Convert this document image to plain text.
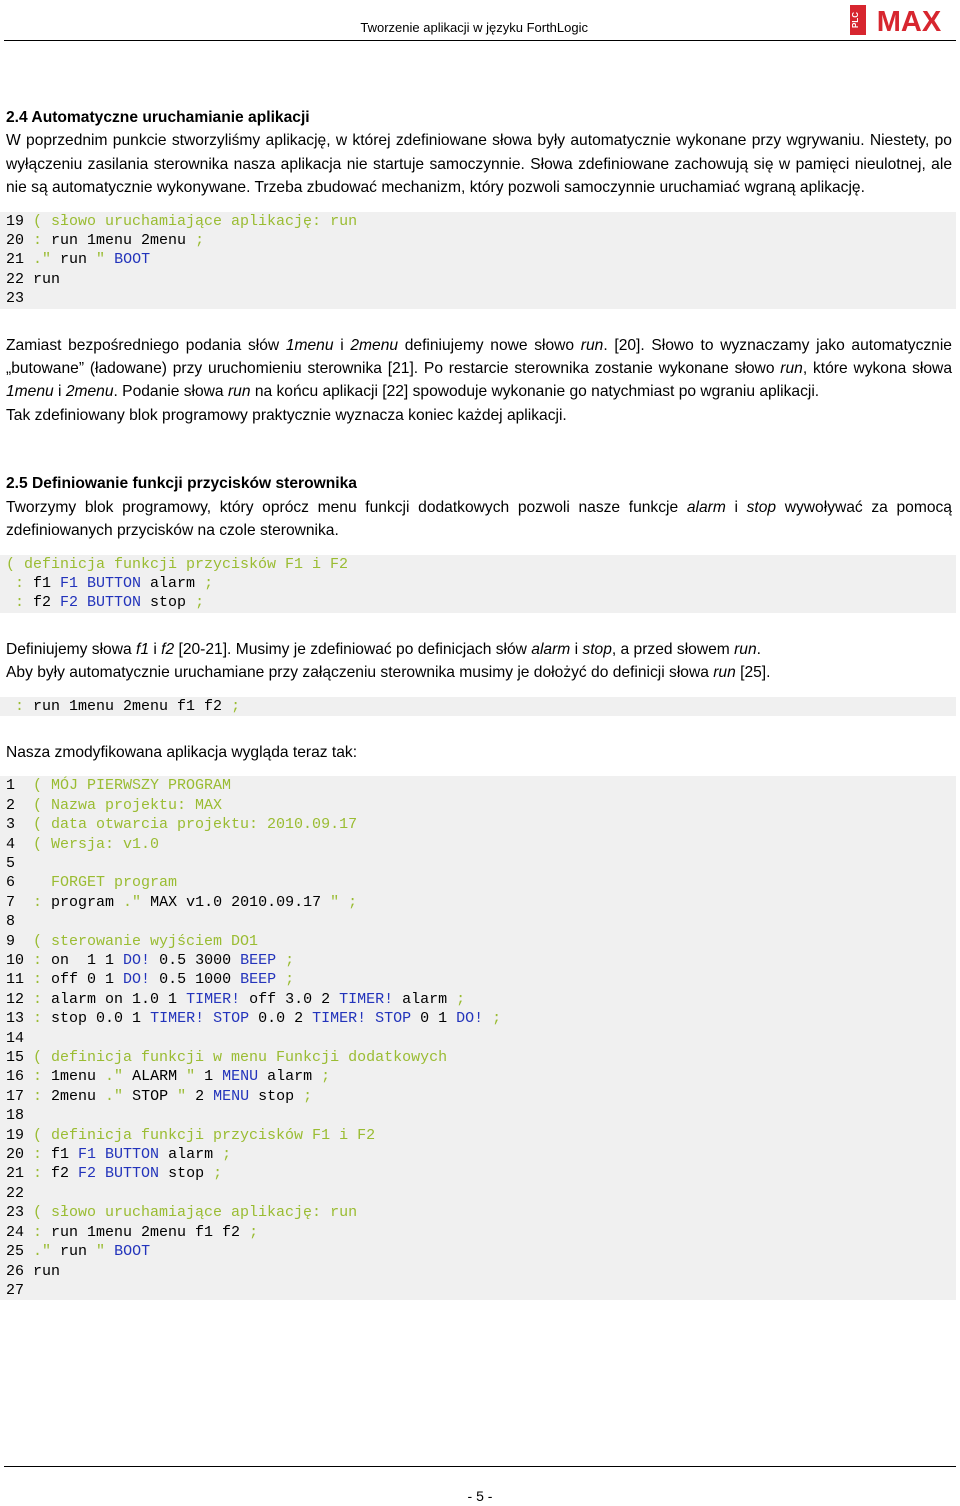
Tworzenie aplikacji w języku ForthLogic	PLC MAX

2.4 Automatyczne uruchamianie aplikacji

W poprzednim punkcie stworzyliśmy aplikację, w której zdefiniowane słowa były automatycznie wykonane przy wgrywaniu. Niestety, po wyłączeniu zasilania sterownika nasza aplikacja nie startuje samoczynnie. Słowa zdefiniowane zachowują się w pamięci nieulotnej, ale nie są automatycznie wykonywane. Trzeba zbudować mechanizm, który pozwoli samoczynnie uruchamiać wgraną aplikację.

19 ( słowo uruchamiające aplikację: run
20 : run 1menu 2menu ;
21 ." run " BOOT
22 run
23

Zamiast bezpośredniego podania słów 1menu i 2menu definiujemy nowe słowo run. [20]. Słowo to wyznaczamy jako automatycznie „butowane” (ładowane) przy uruchomieniu sterownika [21]. Po restarcie sterownika zostanie wykonane słowo run, które wykona słowa 1menu i 2menu. Podanie słowa run na końcu aplikacji [22] spowoduje wykonanie go natychmiast po wgraniu aplikacji.

Tak zdefiniowany blok programowy praktycznie wyznacza koniec każdej aplikacji.

2.5 Definiowanie funkcji przycisków sterownika

Tworzymy blok programowy, który oprócz menu funkcji dodatkowych pozwoli nasze funkcje alarm i stop wywoływać za pomocą zdefiniowanych przycisków na czole sterownika.

( definicja funkcji przycisków F1 i F2
: f1 F1 BUTTON alarm ;
: f2 F2 BUTTON stop ;

Definiujemy słowa f1 i f2 [20-21]. Musimy je zdefiniować po definicjach słów alarm i stop, a przed słowem run.

Aby były automatycznie uruchamiane przy załączeniu sterownika musimy je dołożyć do definicji słowa run [25].

: run 1menu 2menu f1 f2 ;

Nasza zmodyfikowana aplikacja wygląda teraz tak:

1  ( MÓJ PIERWSZY PROGRAM
2  ( Nazwa projektu: MAX
3  ( data otwarcia projektu: 2010.09.17
4  ( Wersja: v1.0
5
6    FORGET program
7  : program ." MAX v1.0 2010.09.17 " ;
8
9  ( sterowanie wyjściem DO1
10 : on  1 1 DO! 0.5 3000 BEEP ;
11 : off 0 1 DO! 0.5 1000 BEEP ;
12 : alarm on 1.0 1 TIMER! off 3.0 2 TIMER! alarm ;
13 : stop 0.0 1 TIMER! STOP 0.0 2 TIMER! STOP 0 1 DO! ;
14
15 ( definicja funkcji w menu Funkcji dodatkowych
16 : 1menu ." ALARM " 1 MENU alarm ;
17 : 2menu ." STOP " 2 MENU stop ;
18
19 ( definicja funkcji przycisków F1 i F2
20 : f1 F1 BUTTON alarm ;
21 : f2 F2 BUTTON stop ;
22
23 ( słowo uruchamiające aplikację: run
24 : run 1menu 2menu f1 f2 ;
25 ." run " BOOT
26 run
27
- 5 -
